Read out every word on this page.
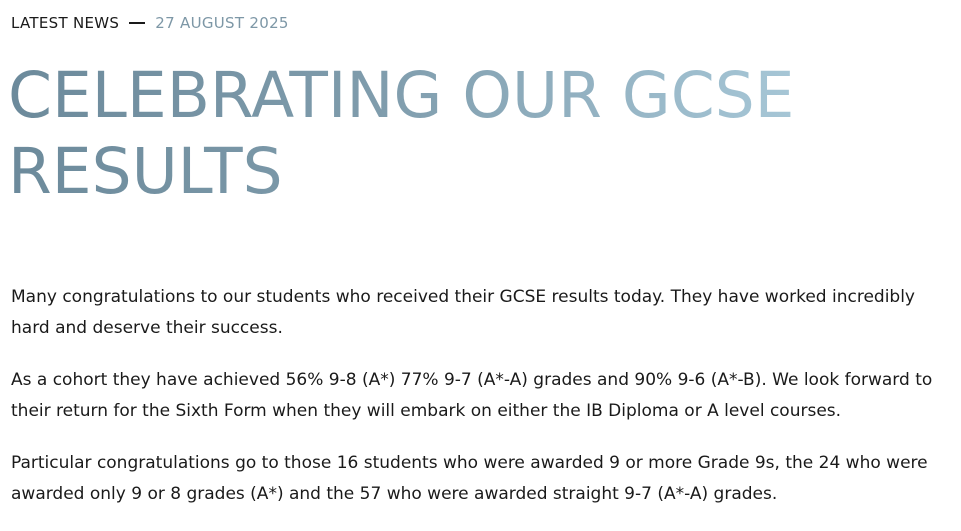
LATEST NEWS 27 AUGUST 2025
CELEBRATING OUR GCSE RESULTS

Many congratulations to our students who received their GCSE results today. They have worked incredibly hard and deserve their success.

As a cohort they have achieved 56% 9-8 (A*) 77% 9-7 (A*-A) grades and 90% 9-6 (A*-B). We look forward to their return for the Sixth Form when they will embark on either the IB Diploma or A level courses.

Particular congratulations go to those 16 students who were awarded 9 or more Grade 9s, the 24 who were awarded only 9 or 8 grades (A*) and the 57 who were awarded straight 9-7 (A*-A) grades.
